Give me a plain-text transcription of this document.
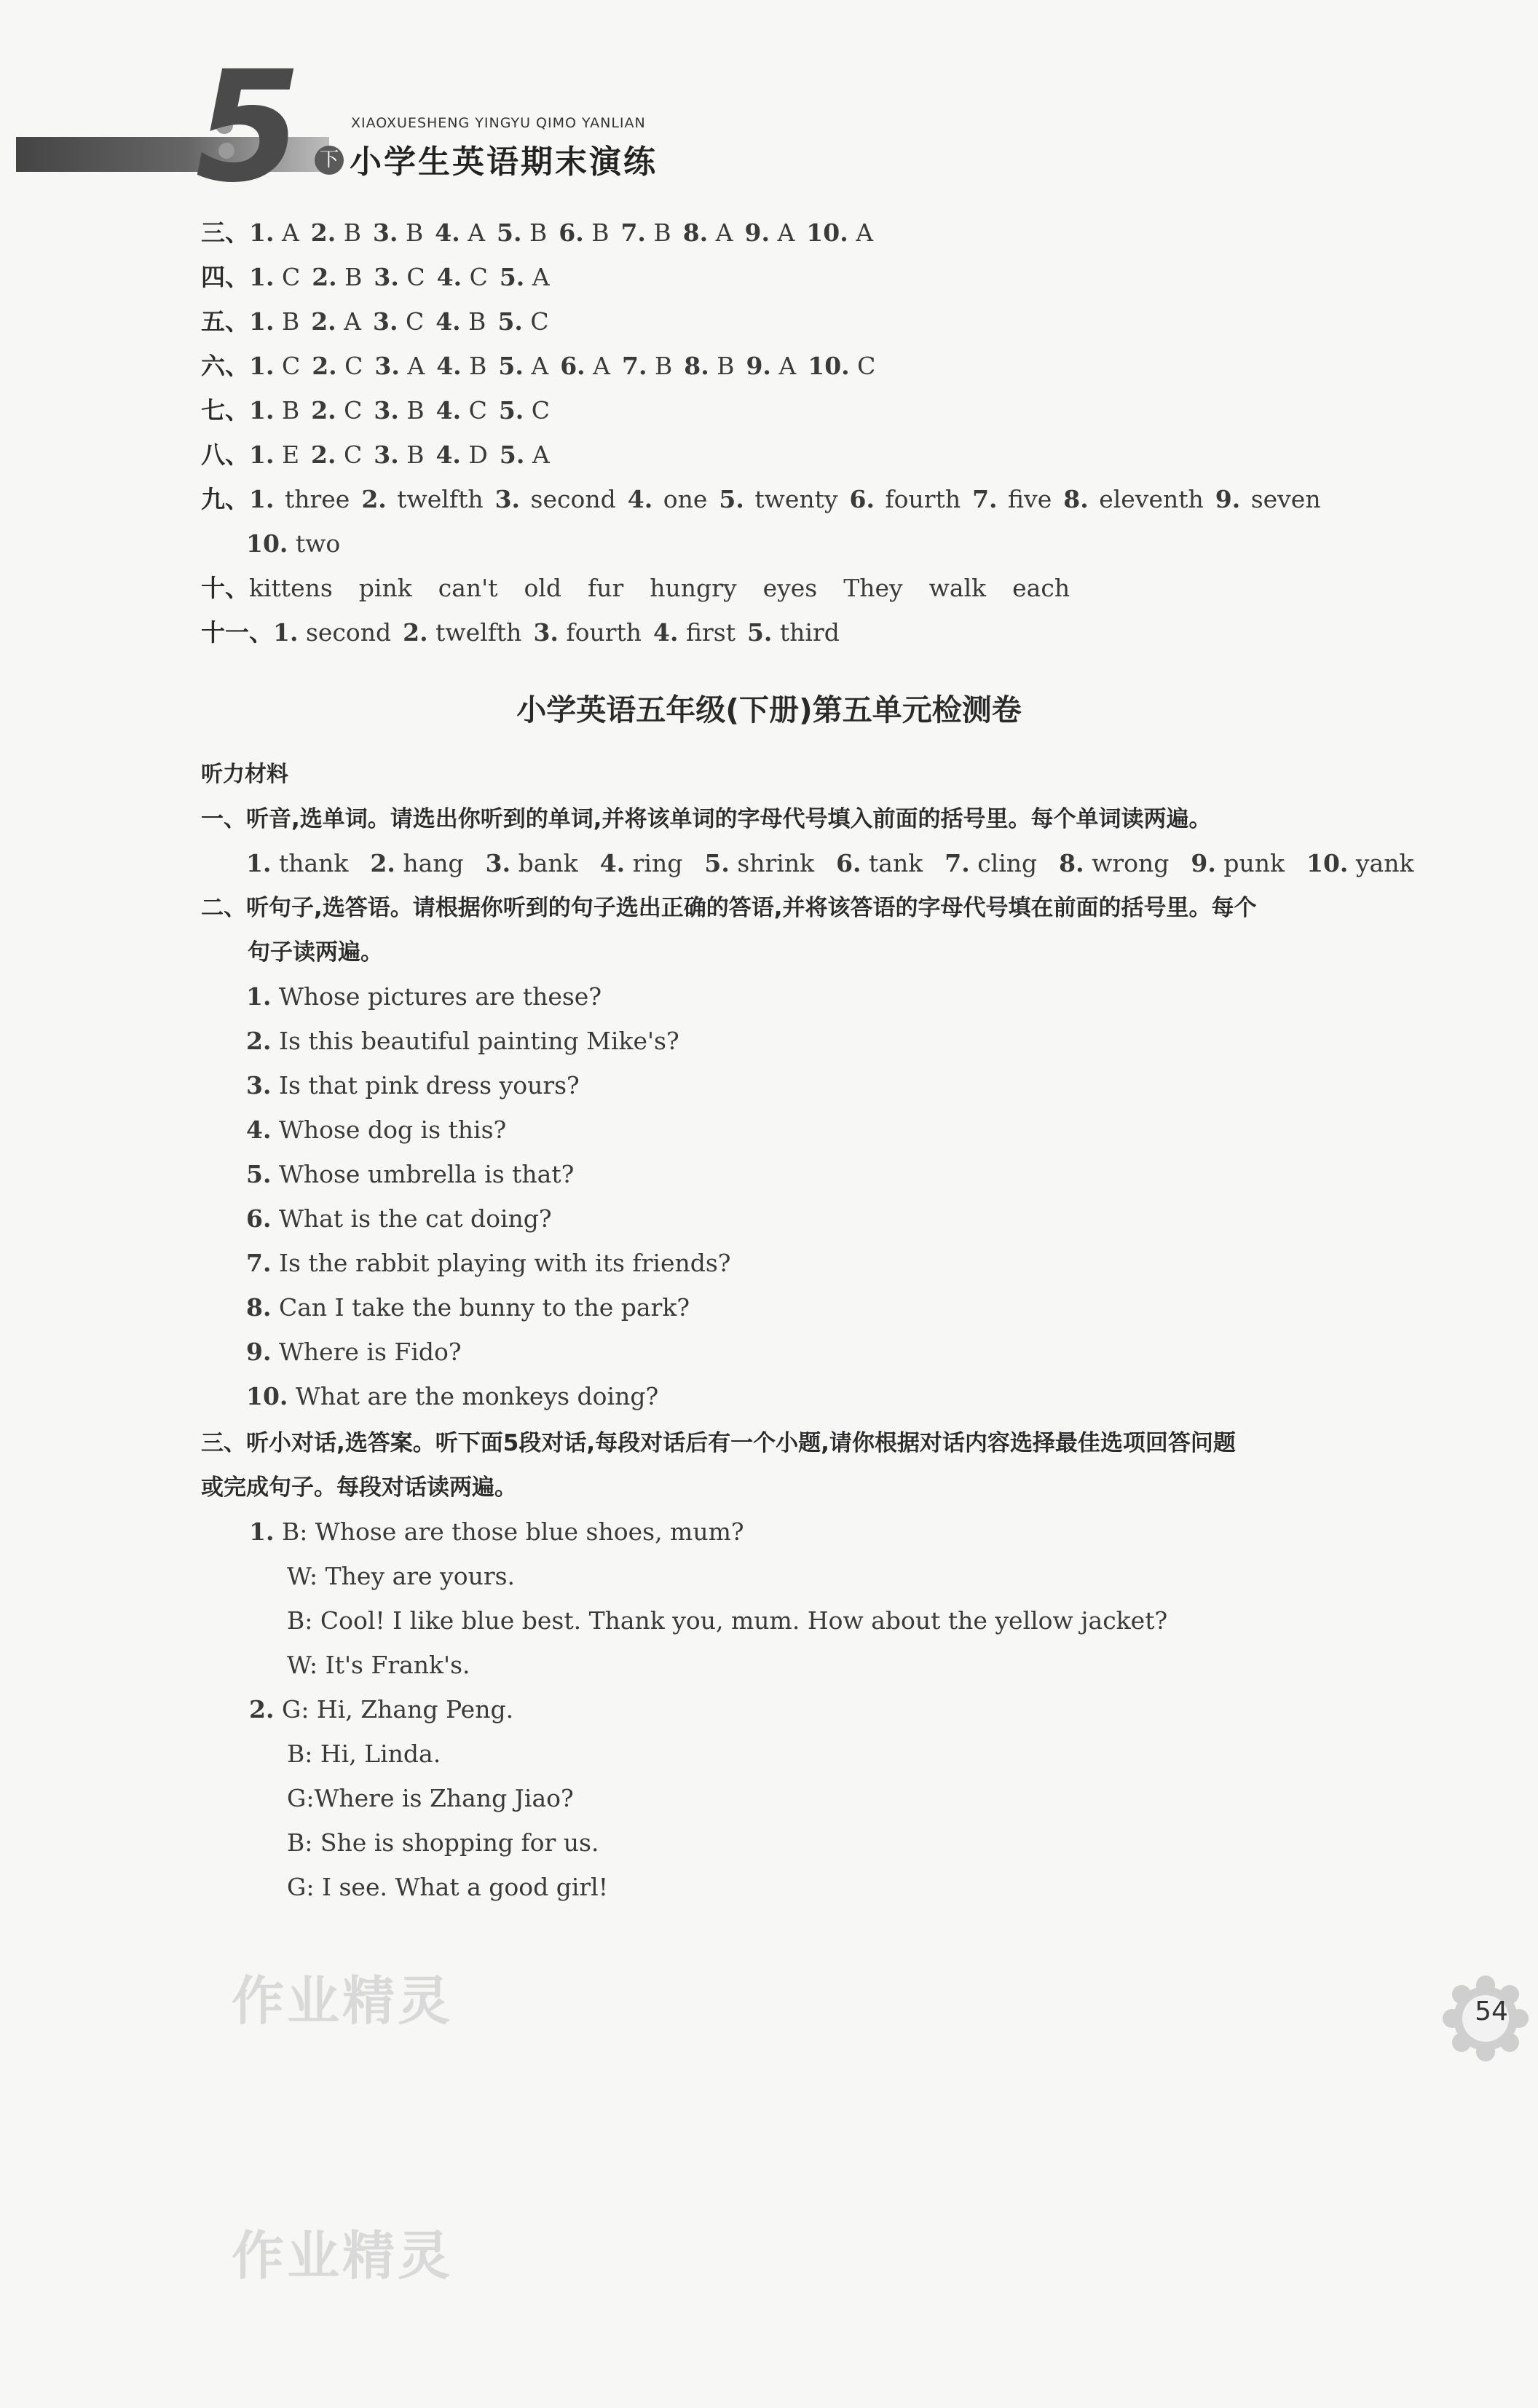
5 下
XIAOXUESHENG YINGYU QIMO YANLIAN
小学生英语期末演练
三、1. A 2. B 3. B 4. A 5. B 6. B 7. B 8. A 9. A 10. A
四、1. C 2. B 3. C 4. C 5. A
五、1. B 2. A 3. C 4. B 5. C
六、1. C 2. C 3. A 4. B 5. A 6. A 7. B 8. B 9. A 10. C
七、1. B 2. C 3. B 4. C 5. C
八、1. E 2. C 3. B 4. D 5. A
九、1. three 2. twelfth 3. second 4. one 5. twenty 6. fourth 7. five 8. eleventh 9. seven
10. two
十、kittens pink can't old fur hungry eyes They walk each
十一、1. second 2. twelfth 3. fourth 4. first 5. third
小学英语五年级(下册)第五单元检测卷
听力材料
一、听音,选单词。请选出你听到的单词,并将该单词的字母代号填入前面的括号里。每个单词读两遍。
1. thank 2. hang 3. bank 4. ring 5. shrink 6. tank 7. cling 8. wrong 9. punk 10. yank
二、听句子,选答语。请根据你听到的句子选出正确的答语,并将该答语的字母代号填在前面的括号里。每个
句子读两遍。
1. Whose pictures are these?
2. Is this beautiful painting Mike's?
3. Is that pink dress yours?
4. Whose dog is this?
5. Whose umbrella is that?
6. What is the cat doing?
7. Is the rabbit playing with its friends?
8. Can I take the bunny to the park?
9. Where is Fido?
10. What are the monkeys doing?
三、听小对话,选答案。听下面5段对话,每段对话后有一个小题,请你根据对话内容选择最佳选项回答问题
或完成句子。每段对话读两遍。
1. B: Whose are those blue shoes, mum?
W: They are yours.
B: Cool! I like blue best. Thank you, mum. How about the yellow jacket?
W: It's Frank's.
2. G: Hi, Zhang Peng.
B: Hi, Linda.
G:Where is Zhang Jiao?
B: She is shopping for us.
G: I see. What a good girl!
54
作业精灵
作业精灵
